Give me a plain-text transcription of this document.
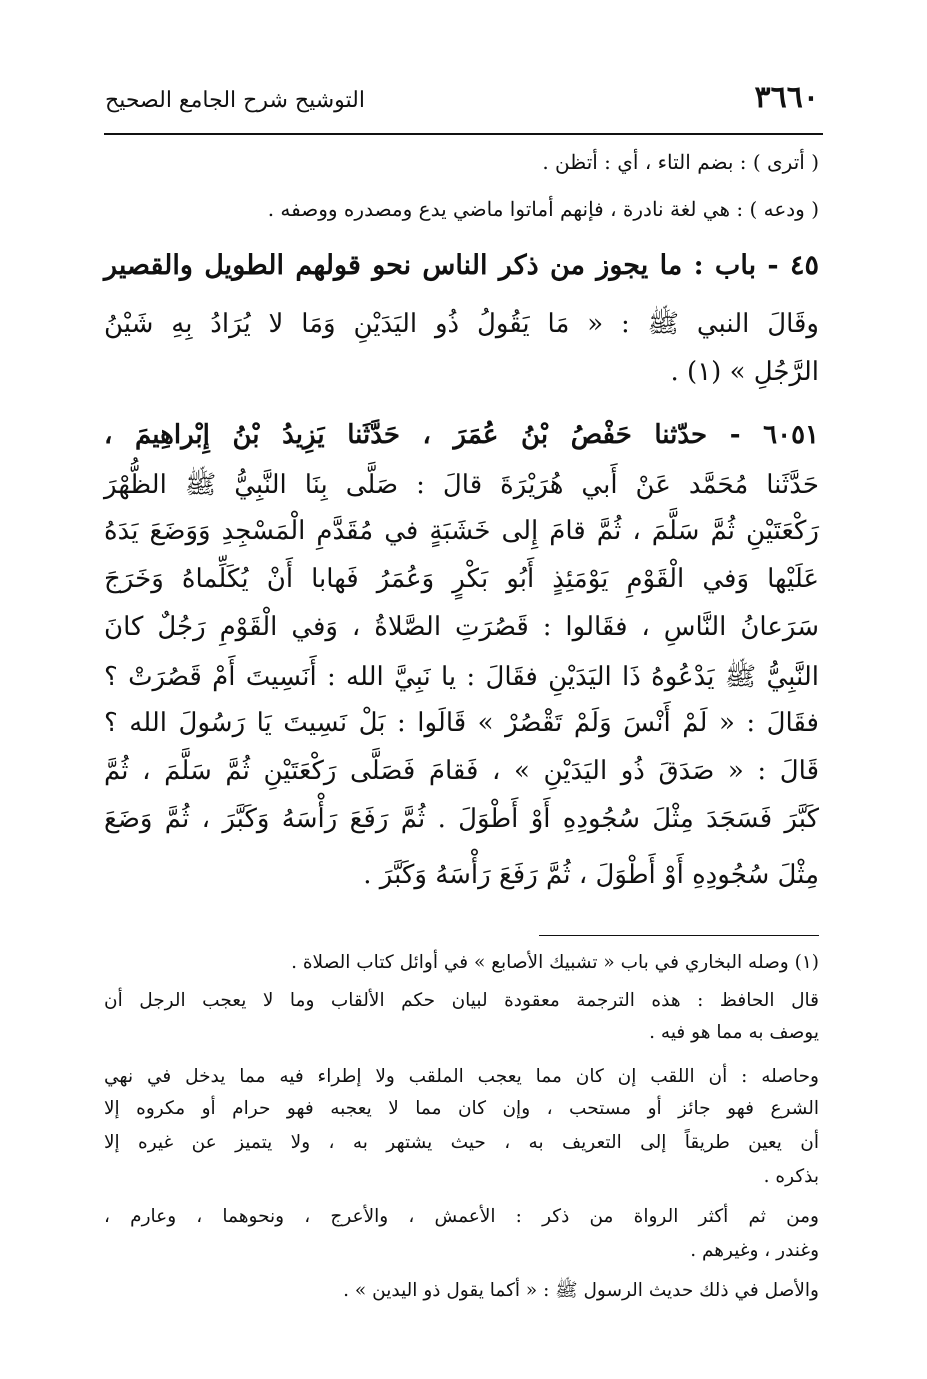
٣٦٦٠
التوشيح شرح الجامع الصحيح
( أترى ) : بضم التاء ، أي : أتظن .
( ودعه ) : هي لغة نادرة ، فإنهم أماتوا ماضي يدع ومصدره ووصفه .
٤٥ - باب : ما يجوز من ذكر الناس نحو قولهم الطويل والقصير
وقَالَ النبي ﷺ : « مَا يَقُولُ ذُو اليَدَيْنِ وَمَا لا يُرَادُ بِهِ شَيْنُ
الرَّجُلِ » (١) .
٦٠٥١ - حدّثنا حَفْصُ بْنُ عُمَرَ ، حَدَّثَنا يَزِيدُ بْنُ إِبْراهِيمَ ،
حَدَّثَنا مُحَمَّد عَنْ أَبي هُرَيْرَةَ قالَ : صَلَّى بِنَا النَّبِيُّ ﷺ الظُّهْرَ
رَكْعَتَيْنِ ثُمَّ سَلَّمَ ، ثُمَّ قامَ إِلى خَشَبَةٍ في مُقَدَّمِ الْمَسْجِدِ وَوَضَعَ يَدَهُ
عَلَيْها وَفي الْقَوْمِ يَوْمَئِذٍ أَبُو بَكْرٍ وَعُمَرُ فَهابا أَنْ يُكَلِّماهُ وَخَرَجَ
سَرَعانُ النَّاسِ ، فقَالوا : قَصُرَتِ الصَّلاةُ ، وَفي الْقَوْمِ رَجُلٌ كانَ
النَّبِيُّ ﷺ يَدْعُوهُ ذَا اليَدَيْنِ فقَالَ : يا نَبِيَّ الله : أَنَسِيتَ أَمْ قَصُرَتْ ؟
فقَالَ : « لَمْ أَنْسَ وَلَمْ تَقْصُرْ » قَالَوا : بَلْ نَسِيتَ يَا رَسُولَ الله ؟
قَالَ : « صَدَقَ ذُو اليَدَيْنِ » ، فَقامَ فَصَلَّى رَكْعَتَيْنِ ثُمَّ سَلَّمَ ، ثُمَّ
كَبَّرَ فَسَجَدَ مِثْلَ سُجُودِهِ أَوْ أَطْوَلَ . ثُمَّ رَفَعَ رَأْسَهُ وَكَبَّرَ ، ثُمَّ وَضَعَ
مِثْلَ سُجُودِهِ أَوْ أَطْوَلَ ، ثُمَّ رَفَعَ رَأْسَهُ وَكَبَّرَ .
(١) وصله البخاري في باب « تشبيك الأصابع » في أوائل كتاب الصلاة .
قال الحافظ : هذه الترجمة معقودة لبيان حكم الألقاب وما لا يعجب الرجل أن
يوصف به مما هو فيه .
وحاصله : أن اللقب إن كان مما يعجب الملقب ولا إطراء فيه مما يدخل في نهي
الشرع فهو جائز أو مستحب ، وإن كان مما لا يعجبه فهو حرام أو مكروه إلا
أن يعين طريقاً إلى التعريف به ، حيث يشتهر به ، ولا يتميز عن غيره إلا
بذكره .
ومن ثم أكثر الرواة من ذكر : الأعمش ، والأعرج ، ونحوهما ، وعارم ،
وغندر ، وغيرهم .
والأصل في ذلك حديث الرسول ﷺ : « أكما يقول ذو اليدين » .
